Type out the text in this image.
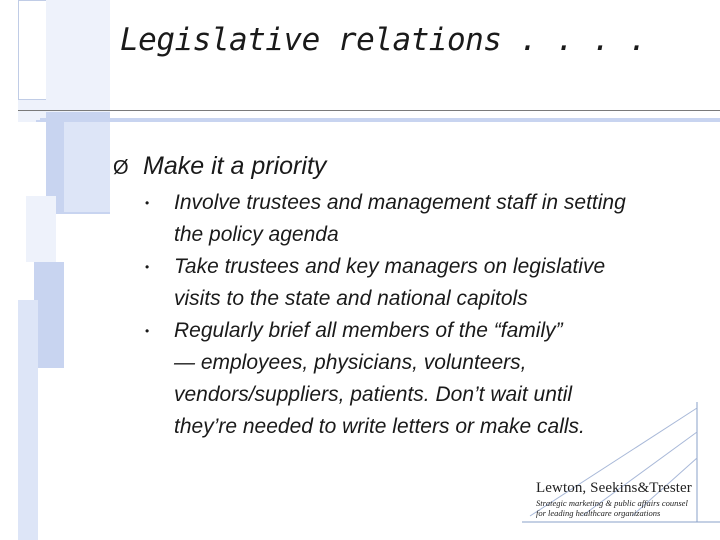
Legislative relations . . . .
Ø Make it a priority
•	Involve trustees and management staff in setting
the policy agenda
•	Take trustees and key managers on legislative
visits to the state and national capitols
•	Regularly brief all members of the “family”
— employees, physicians, volunteers,
vendors/suppliers, patients. Don’t wait until
they’re needed to write letters or make calls.
Lewton, Seekins&Trester
Strategic marketing & public affairs counsel
for leading healthcare organizations
